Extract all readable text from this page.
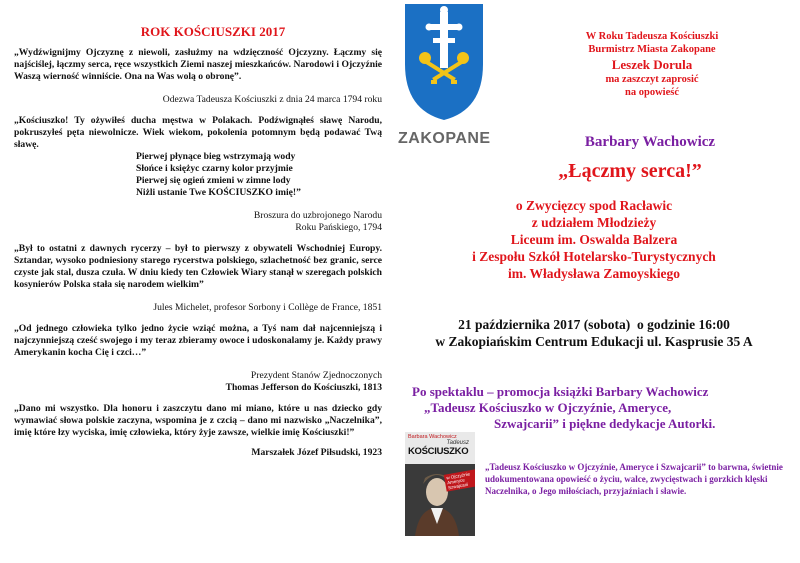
ROK KOŚCIUSZKI 2017
„Wydźwignijmy Ojczyznę z niewoli, zasłużmy na wdzięczność Ojczyzny. Łączmy się najściślej, łączmy serca, ręce wszystkich Ziemi naszej mieszkańców. Narodowi i Ojczyźnie Waszą wierność winniście. Ona na Was wolą o obronę”.
Odezwa Tadeusza Kościuszki z dnia 24 marca 1794 roku
„Kościuszko! Ty ożywiłeś ducha męstwa w Polakach. Podźwignąłeś sławę Narodu, pokruszyłeś pęta niewolnicze. Wiek wiekom, pokolenia potomnym będą podawać Twą sławę.
Pierwej płynące bieg wstrzymają wody
Słońce i księżyc czarny kolor przyjmie
Pierwej się ogień zmieni w zimne lody
Niżli ustanie Twe KOŚCIUSZKO imię!”
Broszura do uzbrojonego Narodu
Roku Pańskiego, 1794
„Był to ostatni z dawnych rycerzy – był to pierwszy z obywateli Wschodniej Europy. Sztandar, wysoko podniesiony starego rycerstwa polskiego, szlachetność bez granic, serce czyste jak stal, dusza czuła. W dniu kiedy ten Człowiek Wiary stanął w szeregach polskich kosynierów Polska stała się narodem wielkim”
Jules Michelet, profesor Sorbony i Collège de France, 1851
„Od jednego człowieka tylko jedno życie wziąć można, a Tyś nam dał najcenniejszą i najczynniejszą cześć swojego i my teraz zbieramy owoce i udoskonalamy je. Każdy prawy Amerykanin kocha Cię i czci…”
Prezydent Stanów Zjednoczonych
Thomas Jefferson do Kościuszki, 1813
„Dano mi wszystko. Dla honoru i zaszczytu dano mi miano, które u nas dziecko gdy wymawiać słowa polskie zaczyna, wspomina je z czcią – dano mi nazwisko „Naczelnika”, imię które łzy wyciska, imię człowieka, który żyje zawsze, wielkie imię Kościuszki!”
Marszałek Józef Piłsudski, 1923
ZAKOPANE
W Roku Tadeusza Kościuszki
Burmistrz Miasta Zakopane
Leszek Dorula
ma zaszczyt zaprosić
na opowieść
Barbary Wachowicz
„Łączmy serca!”
o Zwycięzcy spod Racławic
z udziałem Młodzieży
Liceum im. Oswalda Balzera
i Zespołu Szkół Hotelarsko-Turystycznych
im. Władysława Zamoyskiego
21 października 2017 (sobota)  o godzinie 16:00
w Zakopiańskim Centrum Edukacji ul. Kasprusie 35 A
Po spektaklu – promocja książki Barbary Wachowicz
„Tadeusz Kościuszko w Ojczyźnie, Ameryce,
Szwajcarii” i piękne dedykacje Autorki.
Barbara Wachowicz
Tadeusz
KOŚCIUSZKO
w Ojczyźnie Ameryce Szwajcarii
„Tadeusz Kościuszko w Ojczyźnie, Ameryce i Szwajcarii” to barwna, świetnie udokumentowana opowieść o życiu, walce, zwycięstwach i gorzkich klęski Naczelnika, o Jego miłościach, przyjaźniach i sławie.
